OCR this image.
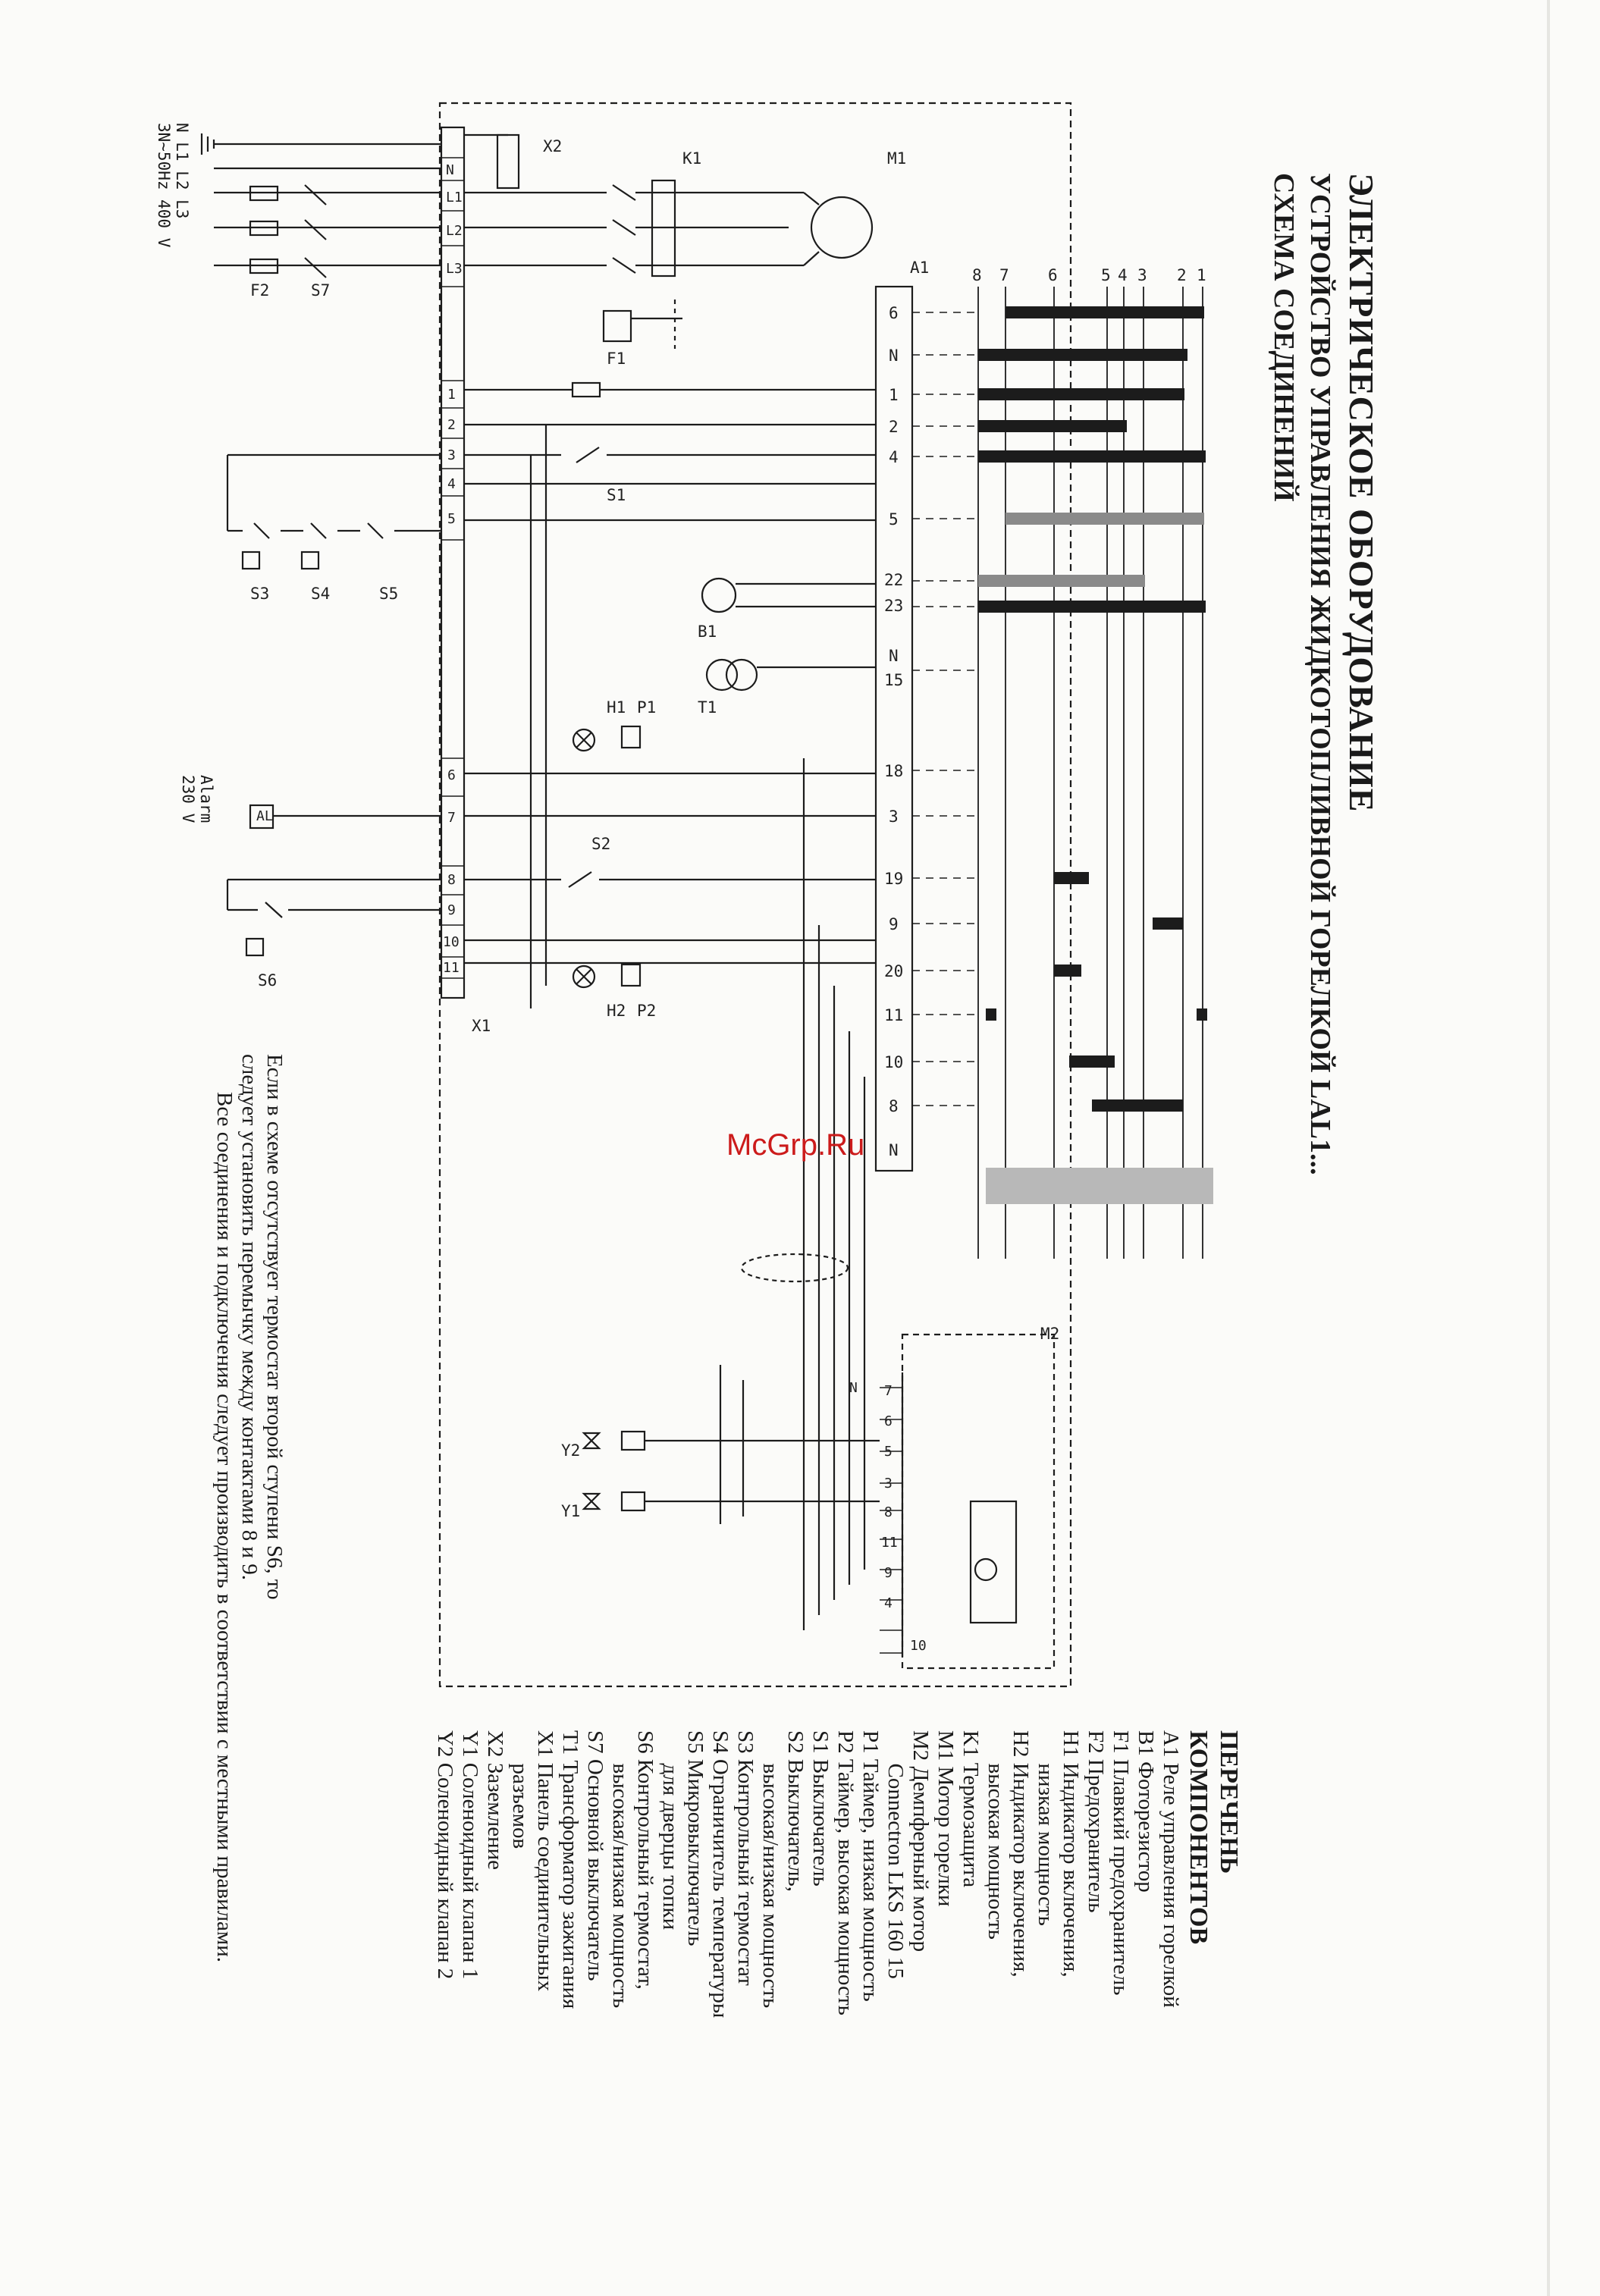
1
2
3
4
5
6
7
8
6
N
1
2
4
5
22
23
N
15
18
3
19
9
20
11
10
8
N
N
L1
L2
L3
1
2
3
4
5
6
7
8
9
10
11
N 7
6
5
3
8
11
9
4
10
M1
A1
K1
F1
F2	S7
X2
S1
S3	S4	S5
B1
T1
H1 P1
H2 P2
S2
S6
X1
M2
Y2
Y1
AL
ЭЛЕКТРИЧЕСКОЕ ОБОРУДОВАНИЕ
УСТРОЙСТВО УПРАВЛЕНИЯ ЖИДКОТОПЛИВНОЙ ГОРЕЛКОЙ LAL1...
СХЕМА СОЕДИНЕНИЙ
N L1 L2 L3
3N∼50Hz 400 V
Alarm
230 V
ПЕРЕЧЕНЬ
КОМПОНЕНТОВ
A1 Реле управления горелкой
B1 Фоторезистор
F1 Плавкий предохранитель
F2 Предохранитель
H1 Индикатор включения,
низкая мощность
H2 Индикатор включения,
высокая мощность
K1 Термозащита
M1 Мотор горелки
M2 Демпферный мотор
Connectron LKS 160 15
P1 Таймер, низкая мощность
P2 Таймер, высокая мощность
S1 Выключатель
S2 Выключатель,
высокая/низкая мощность
S3 Контрольный термостат
S4 Ограничитель температуры
S5 Микровыключатель
для дверцы топки
S6 Контрольный термостат,
высокая/низкая мощность
S7 Основной выключатель
T1 Трансформатор зажигания
X1 Панель соединительных
разъемов
X2 Заземление
Y1 Соленоидный клапан 1
Y2 Соленоидный клапан 2
Если в схеме отсутствует термостат второй ступени S6, то
следует установить перемычку между контактами 8 и 9.
Все соединения и подключения следует производить в соответствии с местными правилами.	McGrp.Ru
